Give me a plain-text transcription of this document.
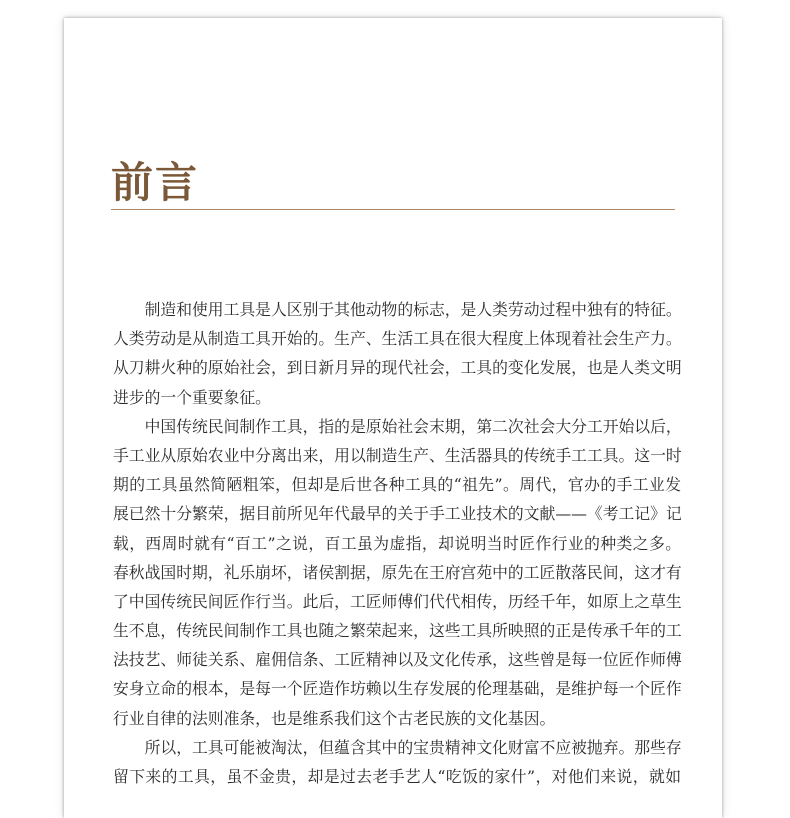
前言
　　制造和使用工具是人区别于其他动物的标志，是人类劳动过程中独有的特征。
人类劳动是从制造工具开始的。生产、生活工具在很大程度上体现着社会生产力。
从刀耕火种的原始社会，到日新月异的现代社会，工具的变化发展，也是人类文明
进步的一个重要象征。
　　中国传统民间制作工具，指的是原始社会末期，第二次社会大分工开始以后，
手工业从原始农业中分离出来，用以制造生产、生活器具的传统手工工具。这一时
期的工具虽然简陋粗笨，但却是后世各种工具的“祖先”。周代，官办的手工业发
展已然十分繁荣，据目前所见年代最早的关于手工业技术的文献——《考工记》记
载，西周时就有“百工”之说，百工虽为虚指，却说明当时匠作行业的种类之多。
春秋战国时期，礼乐崩坏，诸侯割据，原先在王府宫苑中的工匠散落民间，这才有
了中国传统民间匠作行当。此后，工匠师傅们代代相传，历经千年，如原上之草生
生不息，传统民间制作工具也随之繁荣起来，这些工具所映照的正是传承千年的工
法技艺、师徒关系、雇佣信条、工匠精神以及文化传承，这些曾是每一位匠作师傅
安身立命的根本，是每一个匠造作坊赖以生存发展的伦理基础，是维护每一个匠作
行业自律的法则准条，也是维系我们这个古老民族的文化基因。
　　所以，工具可能被淘汰，但蕴含其中的宝贵精神文化财富不应被抛弃。那些存
留下来的工具，虽不金贵，却是过去老手艺人“吃饭的家什”，对他们来说，就如
